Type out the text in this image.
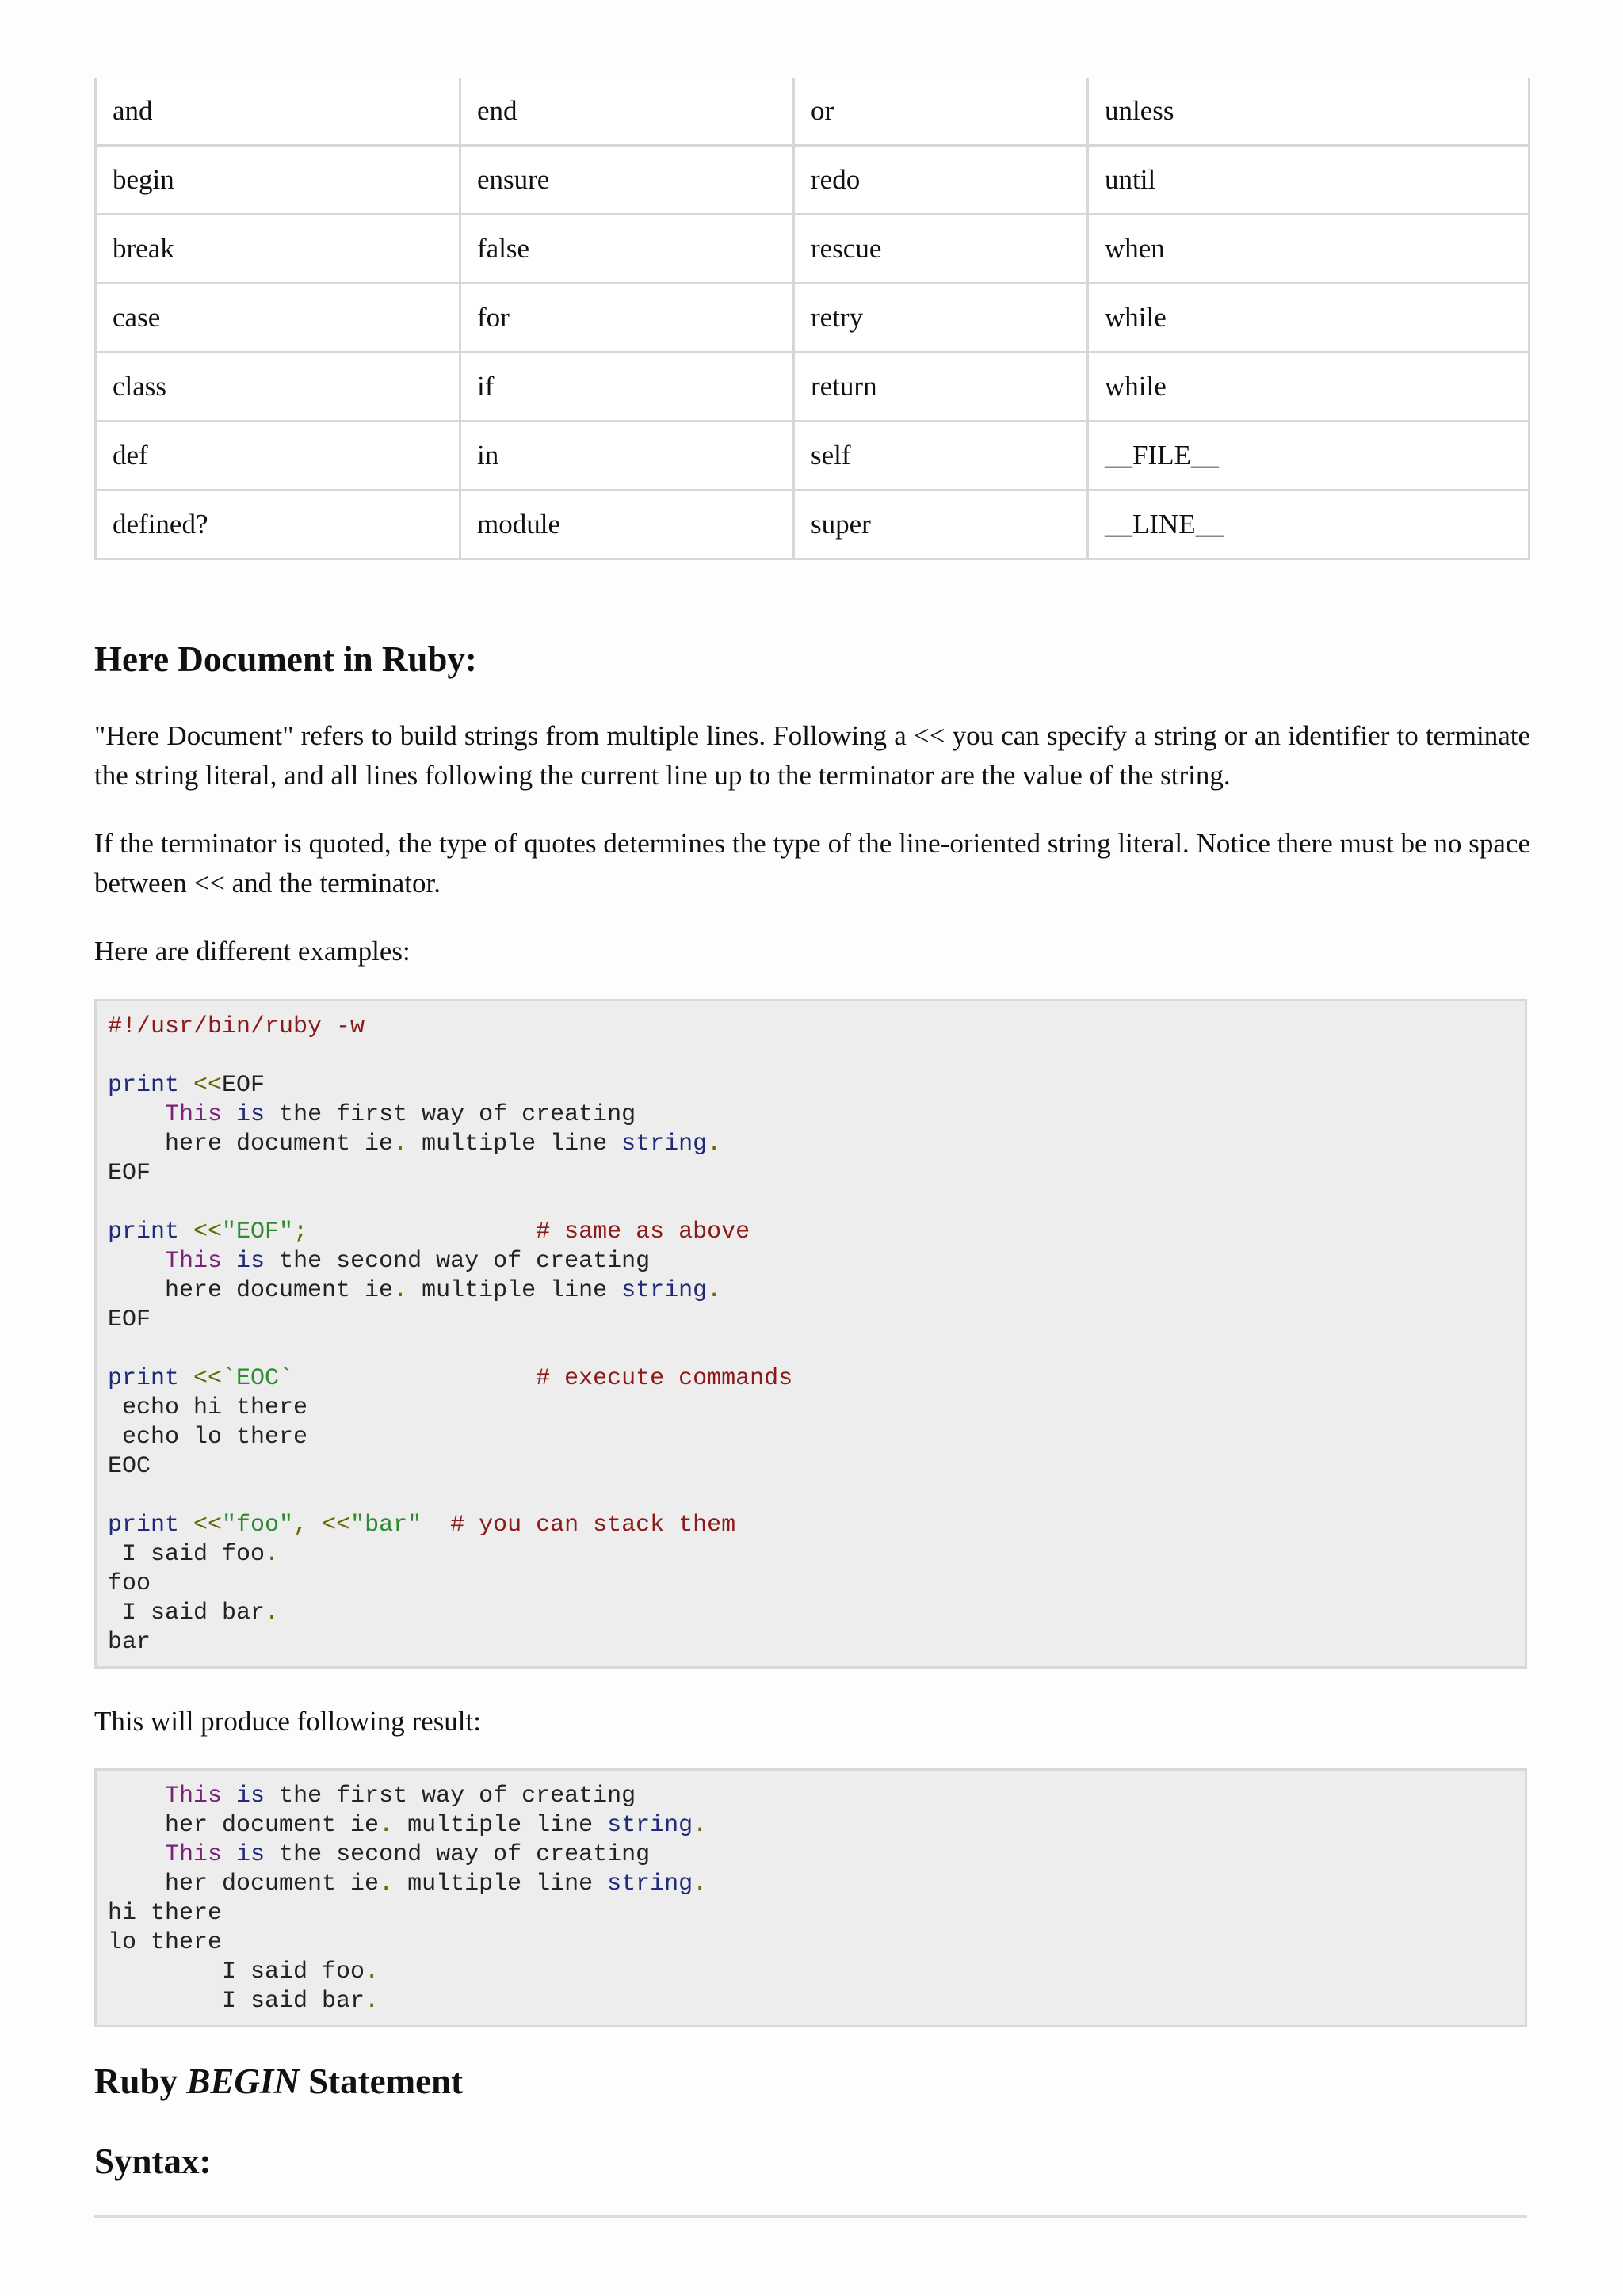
and	end	or	unless
begin	ensure	redo	until
break	false	rescue	when
case	for	retry	while
class	if	return	while
def	in	self	__FILE__
defined?	module	super	__LINE__
Here Document in Ruby:

"Here Document" refers to build strings from multiple lines. Following a << you can specify a string or an identifier to terminate the string literal, and all lines following the current line up to the terminator are the value of the string.

If the terminator is quoted, the type of quotes determines the type of the line-oriented string literal. Notice there must be no space between << and the terminator.

Here are different examples:

#!/usr/bin/ruby -w
print <<EOF
This is the first way of creating
here document ie. multiple line string.
EOF
print <<"EOF";	# same as above
This is the second way of creating
here document ie. multiple line string.
EOF
print <<`EOC`	# execute commands
echo hi there
echo lo there
EOC
print <<"foo", <<"bar" # you can stack them
I said foo.
foo
I said bar.
bar

This will produce following result:

This is the first way of creating
her document ie. multiple line string.
This is the second way of creating
her document ie. multiple line string.
hi there
lo there
I said foo.
I said bar.
Ruby BEGIN Statement
Syntax:
